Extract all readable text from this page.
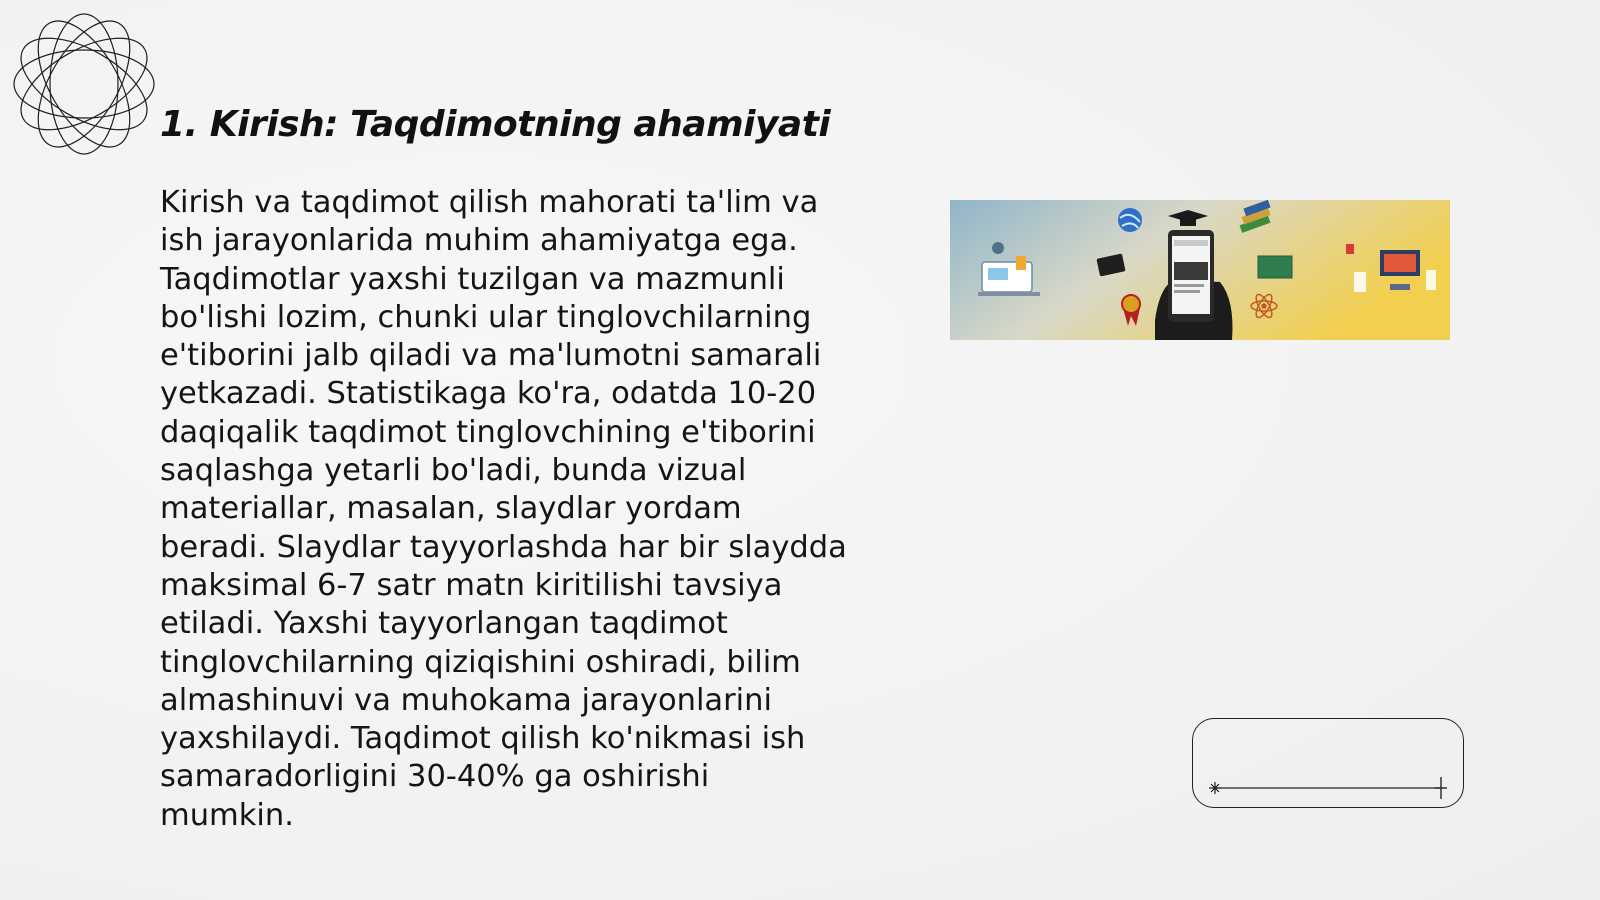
1. Kirish: Taqdimotning ahamiyati
Kirish va taqdimot qilish mahorati ta'lim va ish jarayonlarida muhim ahamiyatga ega. Taqdimotlar yaxshi tuzilgan va mazmunli bo'lishi lozim, chunki ular tinglovchilarning e'tiborini jalb qiladi va ma'lumotni samarali yetkazadi. Statistikaga ko'ra, odatda 10-20 daqiqalik taqdimot tinglovchining e'tiborini saqlashga yetarli bo'ladi, bunda vizual materiallar, masalan, slaydlar yordam beradi. Slaydlar tayyorlashda har bir slaydda maksimal 6-7 satr matn kiritilishi tavsiya etiladi. Yaxshi tayyorlangan taqdimot tinglovchilarning qiziqishini oshiradi, bilim almashinuvi va muhokama jarayonlarini yaxshilaydi. Taqdimot qilish ko'nikmasi ish samaradorligini 30-40% ga oshirishi mumkin.
